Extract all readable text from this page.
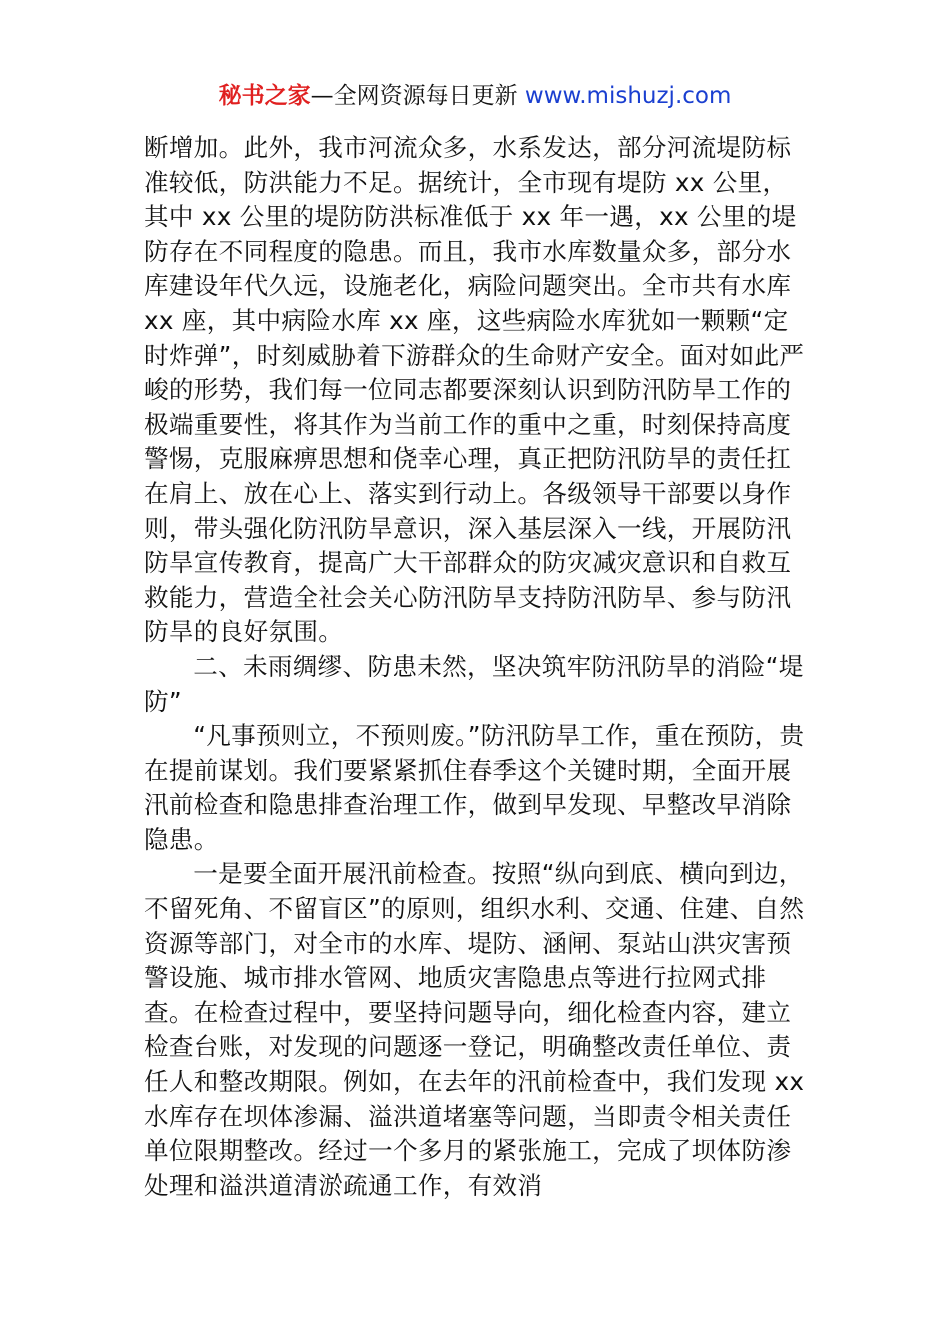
秘书之家—全网资源每日更新 www.mishuzj.com

断增加。此外，我市河流众多，水系发达，部分河流堤防标准较低，防洪能力不足。据统计，全市现有堤防 xx 公里，其中 xx 公里的堤防防洪标准低于 xx 年一遇，xx 公里的堤防存在不同程度的隐患。而且，我市水库数量众多，部分水库建设年代久远，设施老化，病险问题突出。全市共有水库 xx 座，其中病险水库 xx 座，这些病险水库犹如一颗颗“定时炸弹”，时刻威胁着下游群众的生命财产安全。面对如此严峻的形势，我们每一位同志都要深刻认识到防汛防旱工作的极端重要性，将其作为当前工作的重中之重，时刻保持高度警惕，克服麻痹思想和侥幸心理，真正把防汛防旱的责任扛在肩上、放在心上、落实到行动上。各级领导干部要以身作则，带头强化防汛防旱意识，深入基层深入一线，开展防汛防旱宣传教育，提高广大干部群众的防灾减灾意识和自救互救能力，营造全社会关心防汛防旱支持防汛防旱、参与防汛防旱的良好氛围。

二、未雨绸缪、防患未然，坚决筑牢防汛防旱的消险“堤防”

“凡事预则立，不预则废。”防汛防旱工作，重在预防，贵在提前谋划。我们要紧紧抓住春季这个关键时期，全面开展汛前检查和隐患排查治理工作，做到早发现、早整改早消除隐患。

一是要全面开展汛前检查。按照“纵向到底、横向到边，不留死角、不留盲区”的原则，组织水利、交通、住建、自然资源等部门，对全市的水库、堤防、涵闸、泵站山洪灾害预警设施、城市排水管网、地质灾害隐患点等进行拉网式排查。在检查过程中，要坚持问题导向，细化检查内容，建立检查台账，对发现的问题逐一登记，明确整改责任单位、责任人和整改期限。例如，在去年的汛前检查中，我们发现 xx 水库存在坝体渗漏、溢洪道堵塞等问题，当即责令相关责任单位限期整改。经过一个多月的紧张施工，完成了坝体防渗处理和溢洪道清淤疏通工作，有效消
